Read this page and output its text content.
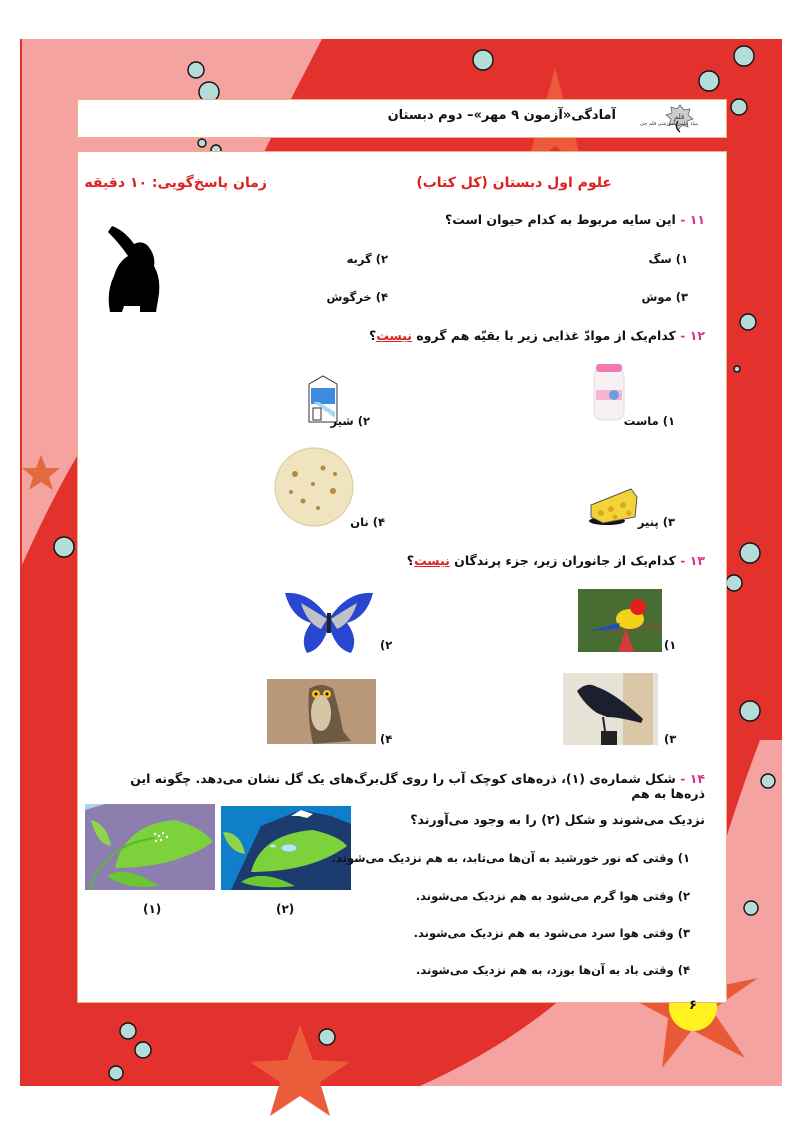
آمادگی«آزمون ۹ مهر»– دوم دبستان	قلم
بنیاد علمی آموزشی قلم چی
علوم اول دبستان (کل کتاب)
زمان پاسخ‌گویی: ۱۰ دقیقه
۱۱ - این سایه مربوط به کدام حیوان است؟
۱) سگ
۲) گربه
۳) موش
۴) خرگوش
۱۲ - کدام‌یک از موادّ غذایی زیر با بقیّه هم گروه نیست؟
۱) ماست
۲) شیر
۳) پنیر
۴) نان
۱۳ - کدام‌یک از جانوران زیر، جزء پرندگان نیست؟
(۱
(۲
(۳
(۴
۱۴ - شکل شماره‌ی (۱)، ذره‌های کوچک آب را روی گل‌برگ‌های یک گل نشان می‌دهد. چگونه این ذره‌ها به هم
نزدیک می‌شوند و شکل (۲) را به وجود می‌آورند؟
(۱)	(۲)
۱) وقتی که نور خورشید به آن‌ها می‌تابد، به هم نزدیک می‌شوند.
۲) وقتی هوا گرم می‌شود به هم نزدیک می‌شوند.
۳) وقتی هوا سرد می‌شود به هم نزدیک می‌شوند.
۴) وقتی باد به آن‌ها بوزد، به هم نزدیک می‌شوند.
۶
